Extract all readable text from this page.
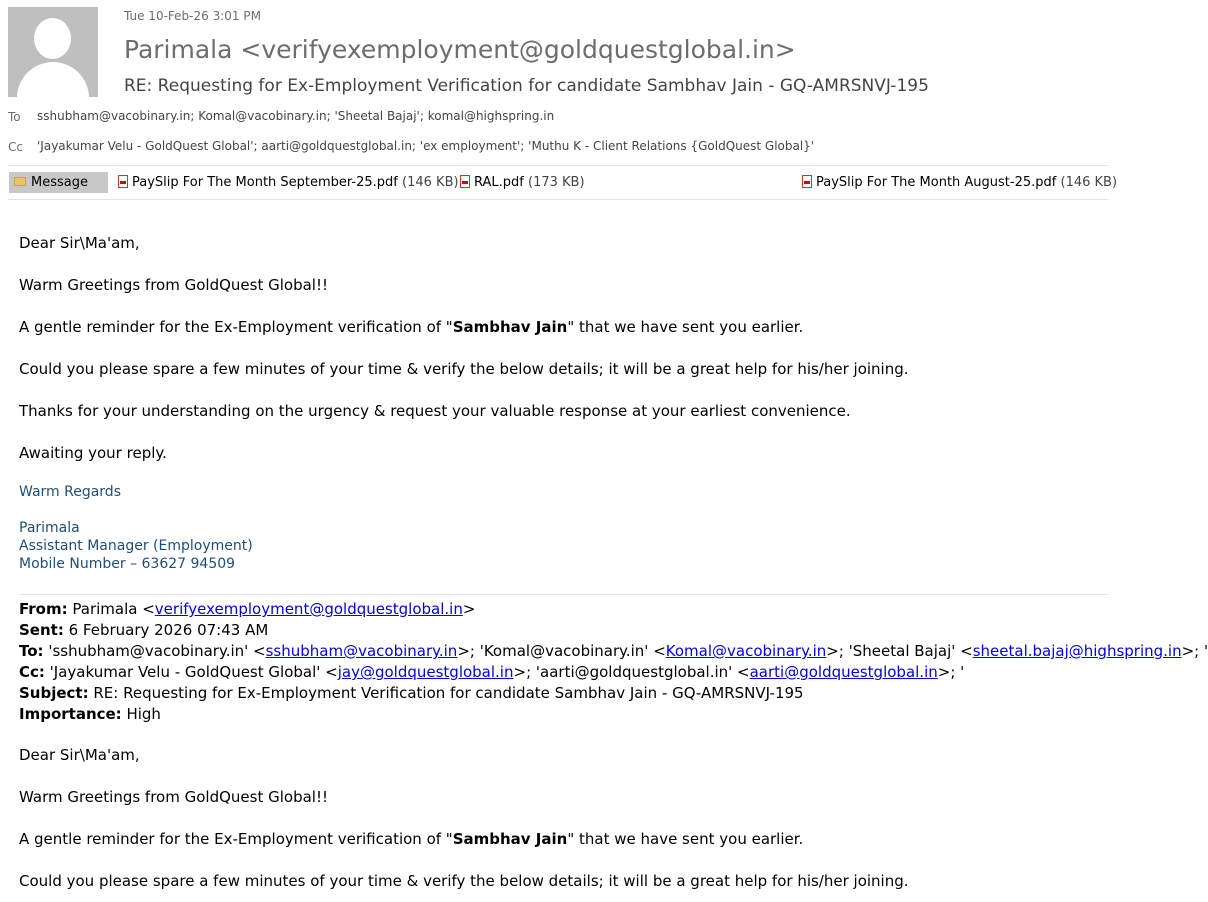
Tue 10-Feb-26 3:01 PM
Parimala <verifyexemployment@goldquestglobal.in>
RE: Requesting for Ex-Employment Verification for candidate Sambhav Jain - GQ-AMRSNVJ-195
To sshubham@vacobinary.in; Komal@vacobinary.in; 'Sheetal Bajaj'; komal@highspring.in
Cc 'Jayakumar Velu - GoldQuest Global'; aarti@goldquestglobal.in; 'ex employment'; 'Muthu K - Client Relations {GoldQuest Global}'
Message	PaySlip For The Month September-25.pdf (146 KB)	RAL.pdf (173 KB)	PaySlip For The Month August-25.pdf (146 KB)
Dear Sir\Ma'am,
Warm Greetings from GoldQuest Global!!
A gentle reminder for the Ex-Employment verification of "Sambhav Jain" that we have sent you earlier.
Could you please spare a few minutes of your time & verify the below details; it will be a great help for his/her joining.
Thanks for your understanding on the urgency & request your valuable response at your earliest convenience.
Awaiting your reply.
Warm Regards
Parimala
Assistant Manager (Employment)
Mobile Number – 63627 94509
From: Parimala <verifyexemployment@goldquestglobal.in>
Sent: 6 February 2026 07:43 AM
To: 'sshubham@vacobinary.in' <sshubham@vacobinary.in>; 'Komal@vacobinary.in' <Komal@vacobinary.in>; 'Sheetal Bajaj' <sheetal.bajaj@highspring.in>; '
Cc: 'Jayakumar Velu - GoldQuest Global' <jay@goldquestglobal.in>; 'aarti@goldquestglobal.in' <aarti@goldquestglobal.in>; '
Subject: RE: Requesting for Ex-Employment Verification for candidate Sambhav Jain - GQ-AMRSNVJ-195
Importance: High
Dear Sir\Ma'am,
Warm Greetings from GoldQuest Global!!
A gentle reminder for the Ex-Employment verification of "Sambhav Jain" that we have sent you earlier.
Could you please spare a few minutes of your time & verify the below details; it will be a great help for his/her joining.
